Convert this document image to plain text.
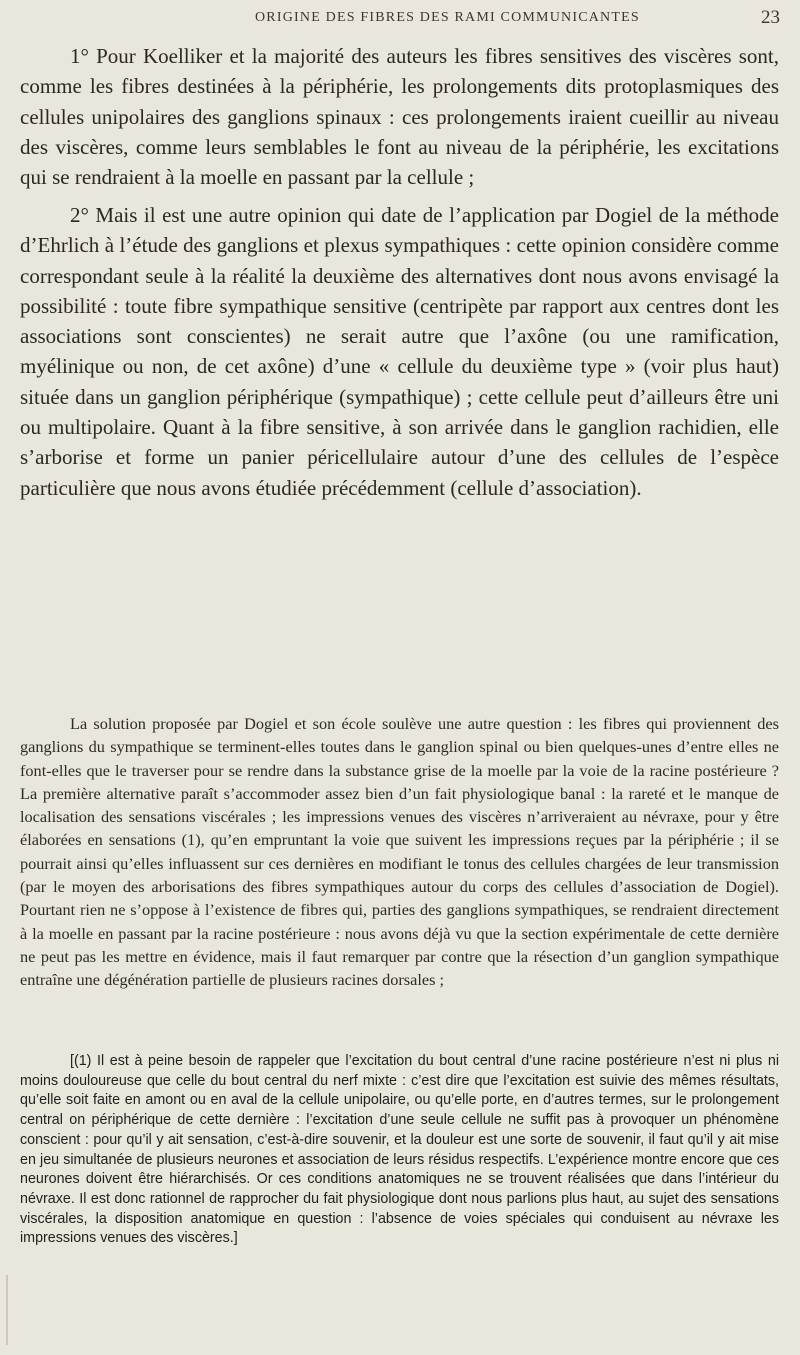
ORIGINE DES FIBRES DES RAMI COMMUNICANTES	23

1° Pour Koelliker et la majorité des auteurs les fibres sensitives des viscères sont, comme les fibres destinées à la périphérie, les prolongements dits protoplasmiques des cellules unipolaires des ganglions spinaux : ces prolongements iraient cueillir au niveau des viscères, comme leurs semblables le font au niveau de la périphérie, les excitations qui se rendraient à la moelle en passant par la cellule ;

2° Mais il est une autre opinion qui date de l’application par Dogiel de la méthode d’Ehrlich à l’étude des ganglions et plexus sympathiques : cette opinion considère comme correspondant seule à la réalité la deuxième des alternatives dont nous avons envisagé la possibilité : toute fibre sympathique sensitive (centripète par rapport aux centres dont les associations sont conscientes) ne serait autre que l’axône (ou une ramification, myélinique ou non, de cet axône) d’une « cellule du deuxième type » (voir plus haut) située dans un ganglion périphérique (sympathique) ; cette cellule peut d’ailleurs être uni ou multipolaire. Quant à la fibre sensitive, à son arrivée dans le ganglion rachidien, elle s’arborise et forme un panier péricellulaire autour d’une des cellules de l’espèce particulière que nous avons étudiée précédemment (cellule d’association).

La solution proposée par Dogiel et son école soulève une autre question : les fibres qui proviennent des ganglions du sympathique se terminent-elles toutes dans le ganglion spinal ou bien quelques-unes d’entre elles ne font-elles que le traverser pour se rendre dans la substance grise de la moelle par la voie de la racine postérieure ? La première alternative paraît s’accommoder assez bien d’un fait physiologique banal : la rareté et le manque de localisation des sensations viscérales ; les impressions venues des viscères n’arriveraient au névraxe, pour y être élaborées en sensations (1), qu’en empruntant la voie que suivent les impressions reçues par la périphérie ; il se pourrait ainsi qu’elles influassent sur ces dernières en modifiant le tonus des cellules chargées de leur transmission (par le moyen des arborisations des fibres sympathiques autour du corps des cellules d’association de Dogiel). Pourtant rien ne s’oppose à l’existence de fibres qui, parties des ganglions sympathiques, se rendraient directement à la moelle en passant par la racine postérieure : nous avons déjà vu que la section expérimentale de cette dernière ne peut pas les mettre en évidence, mais il faut remarquer par contre que la résection d’un ganglion sympathique entraîne une dégénération partielle de plusieurs racines dorsales ;

[(1) Il est à peine besoin de rappeler que l’excitation du bout central d’une racine postérieure n’est ni plus ni moins douloureuse que celle du bout central du nerf mixte : c’est dire que l’excitation est suivie des mêmes résultats, qu’elle soit faite en amont ou en aval de la cellule unipolaire, ou qu’elle porte, en d’autres termes, sur le prolongement central on périphérique de cette dernière : l’excitation d’une seule cellule ne suffit pas à provoquer un phénomène conscient : pour qu’il y ait sensation, c’est-à-dire souvenir, et la douleur est une sorte de souvenir, il faut qu’il y ait mise en jeu simultanée de plusieurs neurones et association de leurs résidus respectifs. L’expérience montre encore que ces neurones doivent être hiérarchisés. Or ces conditions anatomiques ne se trouvent réalisées que dans l’intérieur du névraxe. Il est donc rationnel de rapprocher du fait physiologique dont nous parlions plus haut, au sujet des sensations viscérales, la disposition anatomique en question : l’absence de voies spéciales qui conduisent au névraxe les impressions venues des viscères.]
